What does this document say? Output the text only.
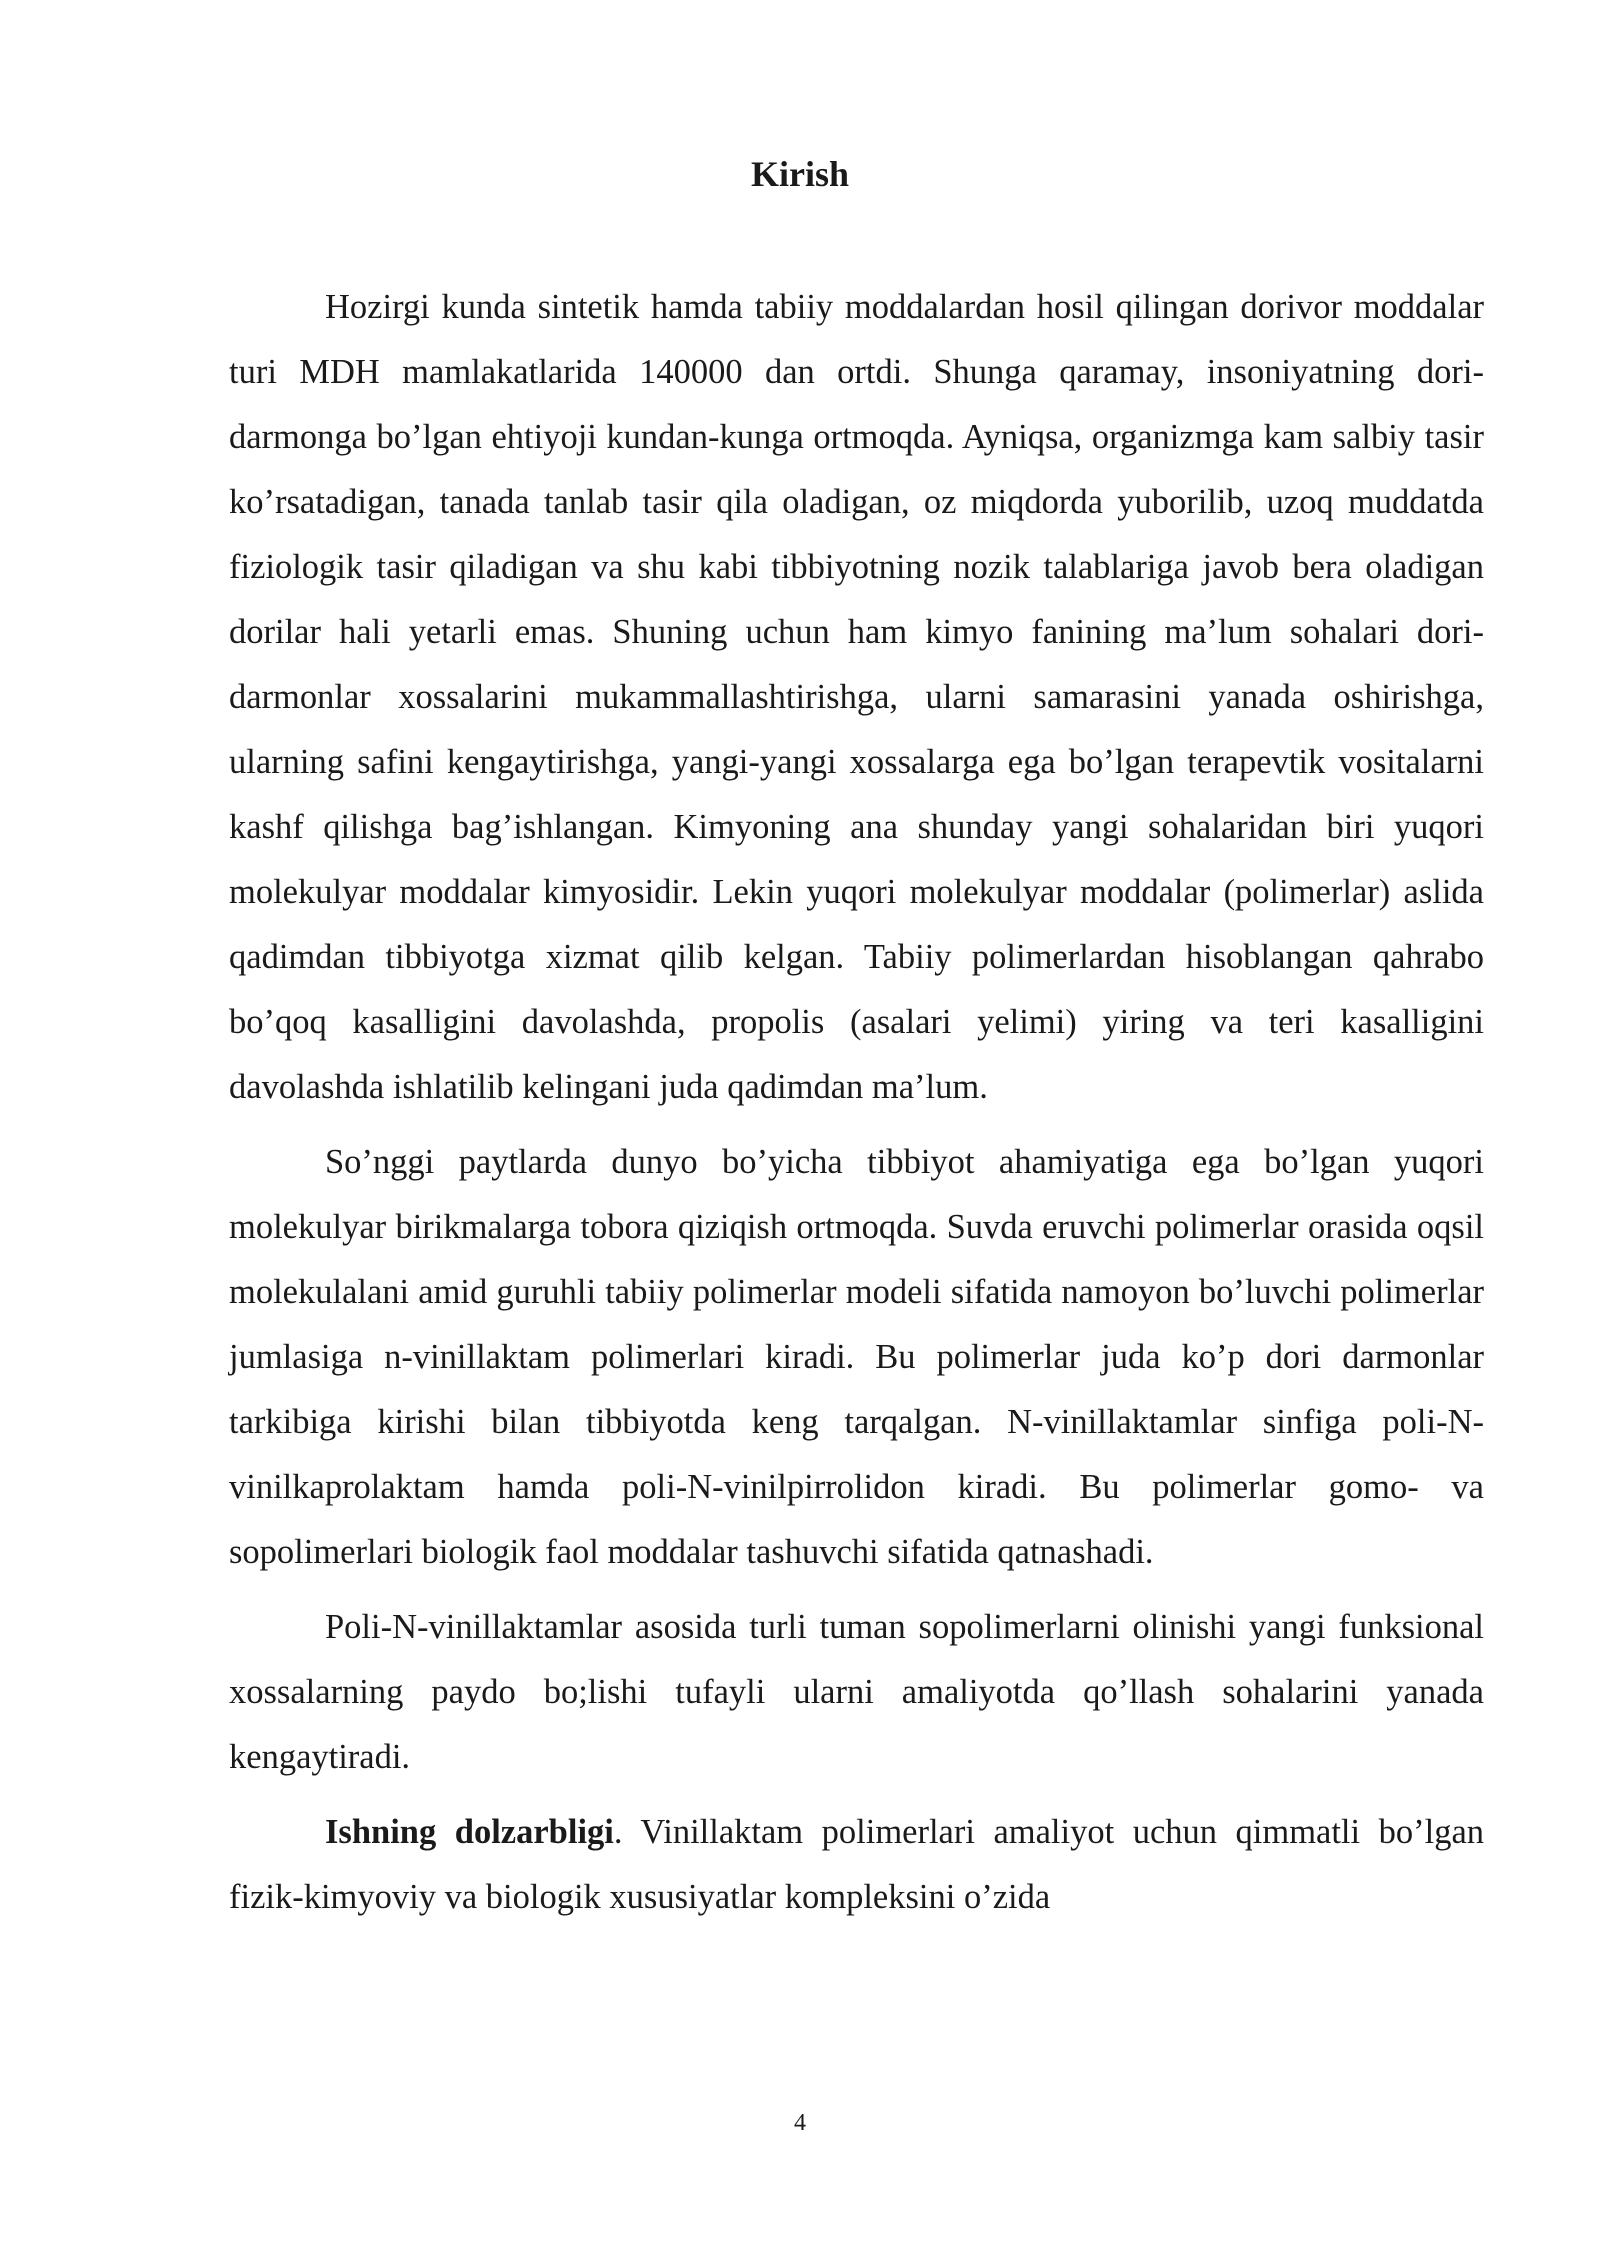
Kirish

Hozirgi kunda sintetik hamda tabiiy moddalardan hosil qilingan dorivor moddalar turi MDH mamlakatlarida 140000 dan ortdi. Shunga qaramay, insoniyatning dori-darmonga bo’lgan ehtiyoji kundan-kunga ortmoqda. Ayniqsa, organizmga kam salbiy tasir ko’rsatadigan, tanada tanlab tasir qila oladigan, oz miqdorda yuborilib, uzoq muddatda fiziologik tasir qiladigan va shu kabi tibbiyotning nozik talablariga javob bera oladigan dorilar hali yetarli emas. Shuning uchun ham kimyo fanining ma’lum sohalari dori-darmonlar xossalarini mukammallashtirishga, ularni samarasini yanada oshirishga, ularning safini kengaytirishga, yangi-yangi xossalarga ega bo’lgan terapevtik vositalarni kashf qilishga bag’ishlangan. Kimyoning ana shunday yangi sohalaridan biri yuqori molekulyar moddalar kimyosidir. Lekin yuqori molekulyar moddalar (polimerlar) aslida qadimdan tibbiyotga xizmat qilib kelgan. Tabiiy polimerlardan hisoblangan qahrabo bo’qoq kasalligini davolashda, propolis (asalari yelimi) yiring va teri kasalligini davolashda ishlatilib kelingani juda qadimdan ma’lum.

So’nggi paytlarda dunyo bo’yicha tibbiyot ahamiyatiga ega bo’lgan yuqori molekulyar birikmalarga tobora qiziqish ortmoqda. Suvda eruvchi polimerlar orasida oqsil molekulalani amid guruhli tabiiy polimerlar modeli sifatida namoyon bo’luvchi polimerlar jumlasiga n-vinillaktam polimerlari kiradi. Bu polimerlar juda ko’p dori darmonlar tarkibiga kirishi bilan tibbiyotda keng tarqalgan. N-vinillaktamlar sinfiga poli-N-vinilkaprolaktam hamda poli-N-vinilpirrolidon kiradi. Bu polimerlar gomo- va sopolimerlari biologik faol moddalar tashuvchi sifatida qatnashadi.

Poli-N-vinillaktamlar asosida turli tuman sopolimerlarni olinishi yangi funksional xossalarning paydo bo;lishi tufayli ularni amaliyotda qo’llash sohalarini yanada kengaytiradi.

Ishning dolzarbligi. Vinillaktam polimerlari amaliyot uchun qimmatli bo’lgan fizik-kimyoviy va biologik xususiyatlar kompleksini o’zida

4
